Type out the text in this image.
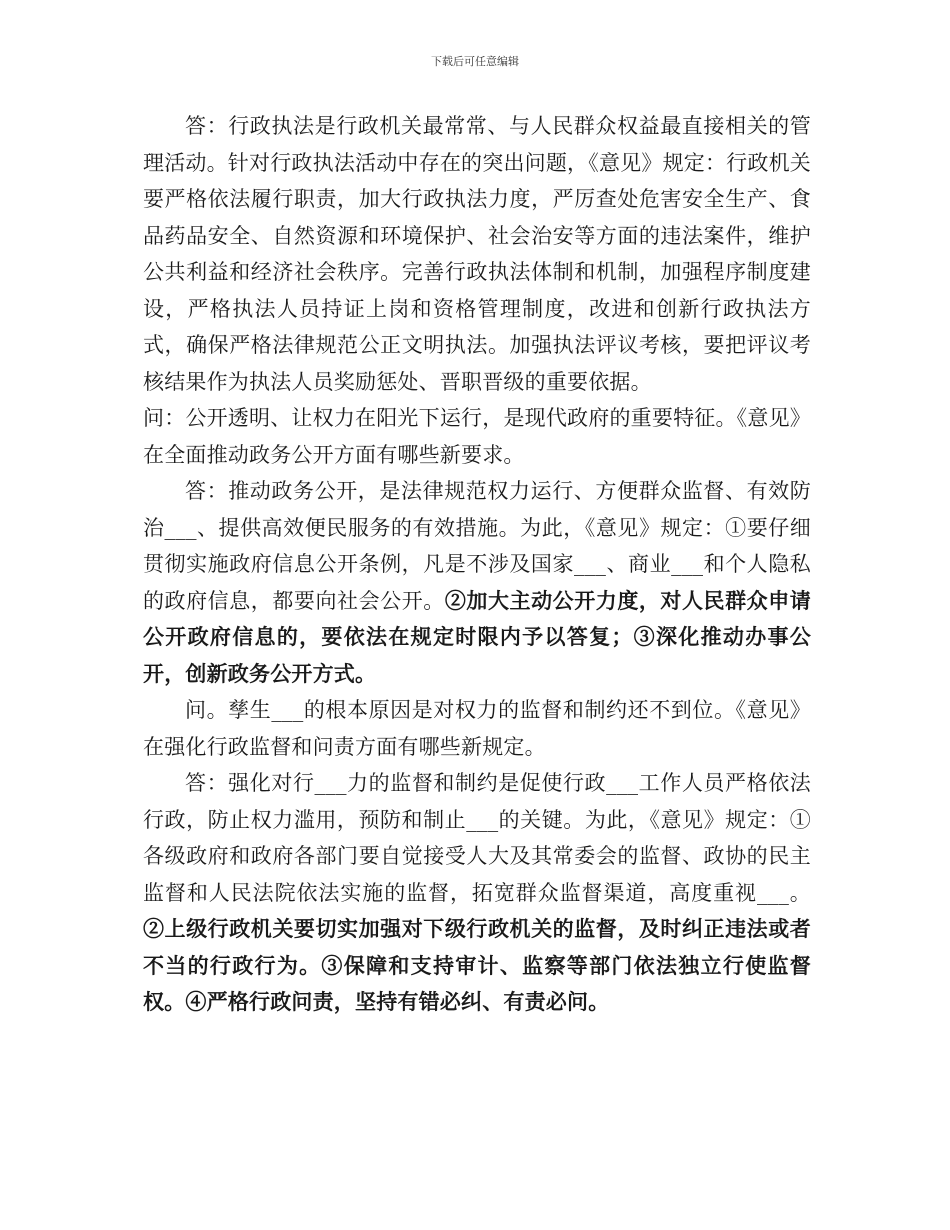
下载后可任意编辑

答：行政执法是行政机关最常常、与人民群众权益最直接相关的管理活动。针对行政执法活动中存在的突出问题，《意见》规定：行政机关要严格依法履行职责，加大行政执法力度，严厉查处危害安全生产、食品药品安全、自然资源和环境保护、社会治安等方面的违法案件，维护公共利益和经济社会秩序。完善行政执法体制和机制，加强程序制度建设，严格执法人员持证上岗和资格管理制度，改进和创新行政执法方式，确保严格法律规范公正文明执法。加强执法评议考核，要把评议考核结果作为执法人员奖励惩处、晋职晋级的重要依据。

问：公开透明、让权力在阳光下运行，是现代政府的重要特征。《意见》在全面推动政务公开方面有哪些新要求。

答：推动政务公开，是法律规范权力运行、方便群众监督、有效防治___、提供高效便民服务的有效措施。为此，《意见》规定：①要仔细贯彻实施政府信息公开条例，凡是不涉及国家___、商业___和个人隐私的政府信息，都要向社会公开。②加大主动公开力度，对人民群众申请公开政府信息的，要依法在规定时限内予以答复；③深化推动办事公开，创新政务公开方式。

问。孳生___的根本原因是对权力的监督和制约还不到位。《意见》在强化行政监督和问责方面有哪些新规定。

答：强化对行___力的监督和制约是促使行政___工作人员严格依法行政，防止权力滥用，预防和制止___的关键。为此，《意见》规定：①各级政府和政府各部门要自觉接受人大及其常委会的监督、政协的民主监督和人民法院依法实施的监督，拓宽群众监督渠道，高度重视___。②上级行政机关要切实加强对下级行政机关的监督，及时纠正违法或者不当的行政行为。③保障和支持审计、监察等部门依法独立行使监督权。④严格行政问责，坚持有错必纠、有责必问。
